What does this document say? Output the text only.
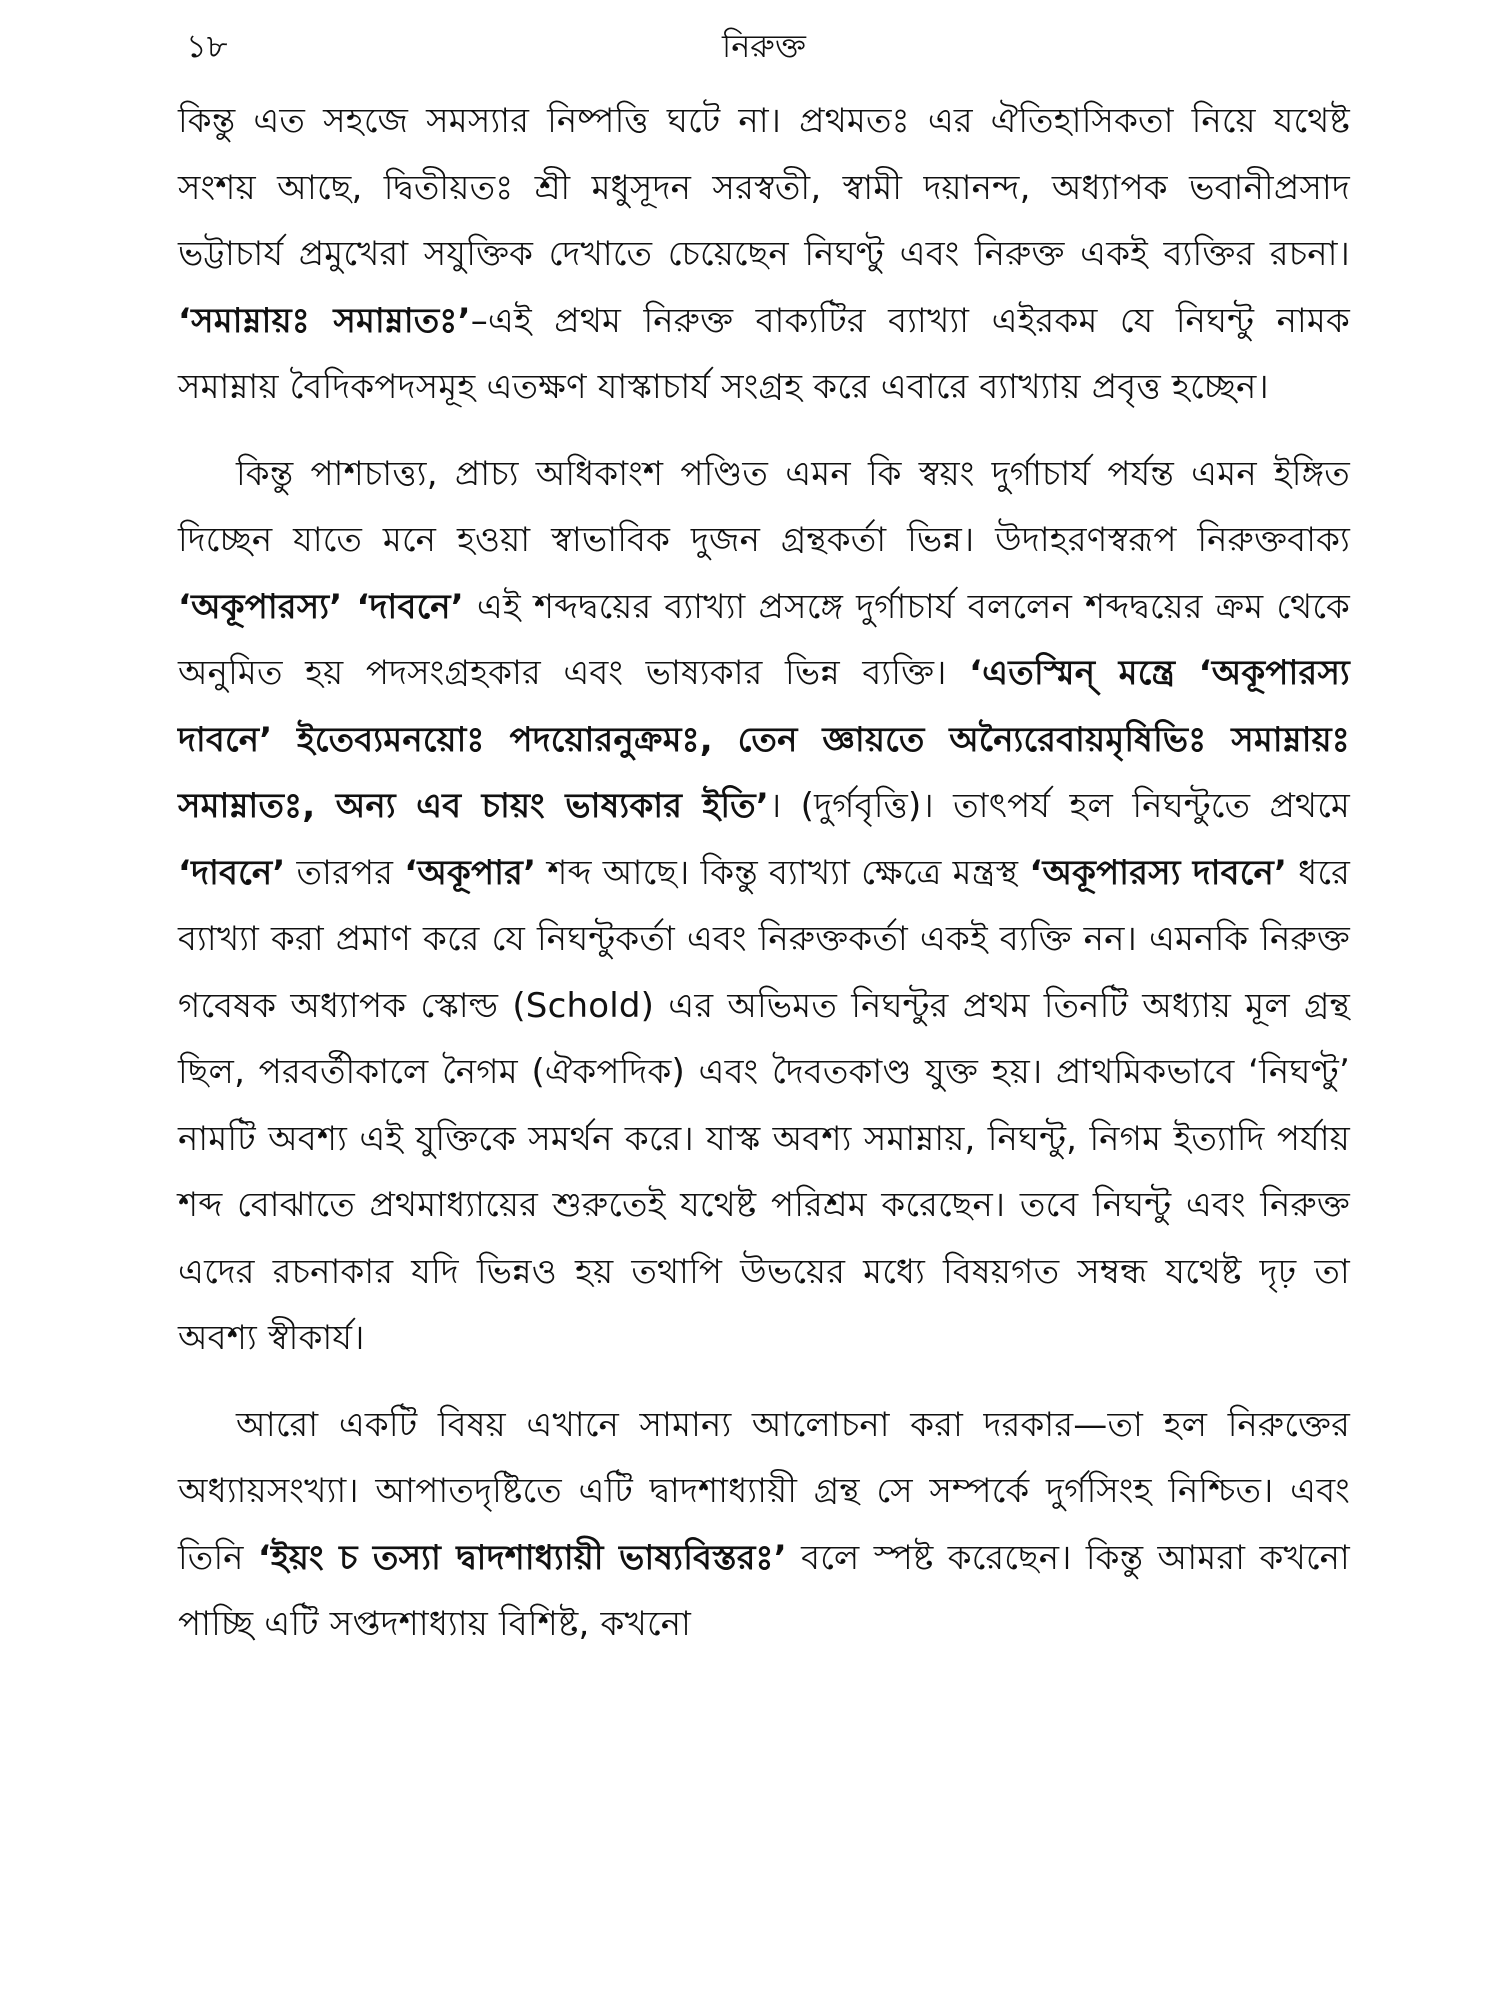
১৮	নিরুক্ত

কিন্তু এত সহজে সমস্যার নিষ্পত্তি ঘটে না। প্রথমতঃ এর ঐতিহাসিকতা নিয়ে যথেষ্ট সংশয় আছে, দ্বিতীয়তঃ শ্রী মধুসূদন সরস্বতী, স্বামী দয়ানন্দ, অধ্যাপক ভবানীপ্রসাদ ভট্টাচার্য প্রমুখেরা সযুক্তিক দেখাতে চেয়েছেন নিঘণ্টু এবং নিরুক্ত একই ব্যক্তির রচনা। ‘সমাম্নায়ঃ সমাম্নাতঃ’–এই প্রথম নিরুক্ত বাক্যটির ব্যাখ্যা এইরকম যে নিঘন্টু নামক সমাম্নায় বৈদিকপদসমূহ এতক্ষণ যাস্কাচার্য সংগ্রহ করে এবারে ব্যাখ্যায় প্রবৃত্ত হচ্ছেন।

কিন্তু পাশচাত্ত্য, প্রাচ্য অধিকাংশ পণ্ডিত এমন কি স্বয়ং দুর্গাচার্য পর্যন্ত এমন ইঙ্গিত দিচ্ছেন যাতে মনে হওয়া স্বাভাবিক দুজন গ্রন্থকর্তা ভিন্ন। উদাহরণস্বরূপ নিরুক্তবাক্য ‘অকূপারস্য’ ‘দাবনে’ এই শব্দদ্বয়ের ব্যাখ্যা প্রসঙ্গে দুর্গাচার্য বললেন শব্দদ্বয়ের ক্রম থেকে অনুমিত হয় পদসংগ্রহকার এবং ভাষ্যকার ভিন্ন ব্যক্তি। ‘এতস্মিন্ মন্ত্রে ‘অকূপারস্য দাবনে’ ইতেব্যমনয়োঃ পদয়োরনুক্রমঃ, তেন জ্ঞায়তে অন্যৈরেবায়মৃষিভিঃ সমাম্নায়ঃ সমাম্নাতঃ, অন্য এব চায়ং ভাষ্যকার ইতি’। (দুর্গবৃত্তি)। তাৎপর্য হল নিঘন্টুতে প্রথমে ‘দাবনে’ তারপর ‘অকূপার’ শব্দ আছে। কিন্তু ব্যাখ্যা ক্ষেত্রে মন্ত্রস্থ ‘অকূপারস্য দাবনে’ ধরে ব্যাখ্যা করা প্রমাণ করে যে নিঘন্টুকর্তা এবং নিরুক্তকর্তা একই ব্যক্তি নন। এমনকি নিরুক্ত গবেষক অধ্যাপক স্কোল্ড (Schold) এর অভিমত নিঘন্টুর প্রথম তিনটি অধ্যায় মূল গ্রন্থ ছিল, পরবর্তীকালে নৈগম (ঐকপদিক) এবং দৈবতকাণ্ড যুক্ত হয়। প্রাথমিকভাবে ‘নিঘণ্টু’ নামটি অবশ্য এই যুক্তিকে সমর্থন করে। যাস্ক অবশ্য সমাম্নায়, নিঘন্টু, নিগম ইত্যাদি পর্যায় শব্দ বোঝাতে প্রথমাধ্যায়ের শুরুতেই যথেষ্ট পরিশ্রম করেছেন। তবে নিঘন্টু এবং নিরুক্ত এদের রচনাকার যদি ভিন্নও হয় তথাপি উভয়ের মধ্যে বিষয়গত সম্বন্ধ যথেষ্ট দৃঢ় তা অবশ্য স্বীকার্য।

আরো একটি বিষয় এখানে সামান্য আলোচনা করা দরকার—তা হল নিরুক্তের অধ্যায়সংখ্যা। আপাতদৃষ্টিতে এটি দ্বাদশাধ্যায়ী গ্রন্থ সে সম্পর্কে দুর্গসিংহ নিশ্চিত। এবং তিনি ‘ইয়ং চ তস্যা দ্বাদশাধ্যায়ী ভাষ্যবিস্তরঃ’ বলে স্পষ্ট করেছেন। কিন্তু আমরা কখনো পাচ্ছি এটি সপ্তদশাধ্যায় বিশিষ্ট, কখনো
